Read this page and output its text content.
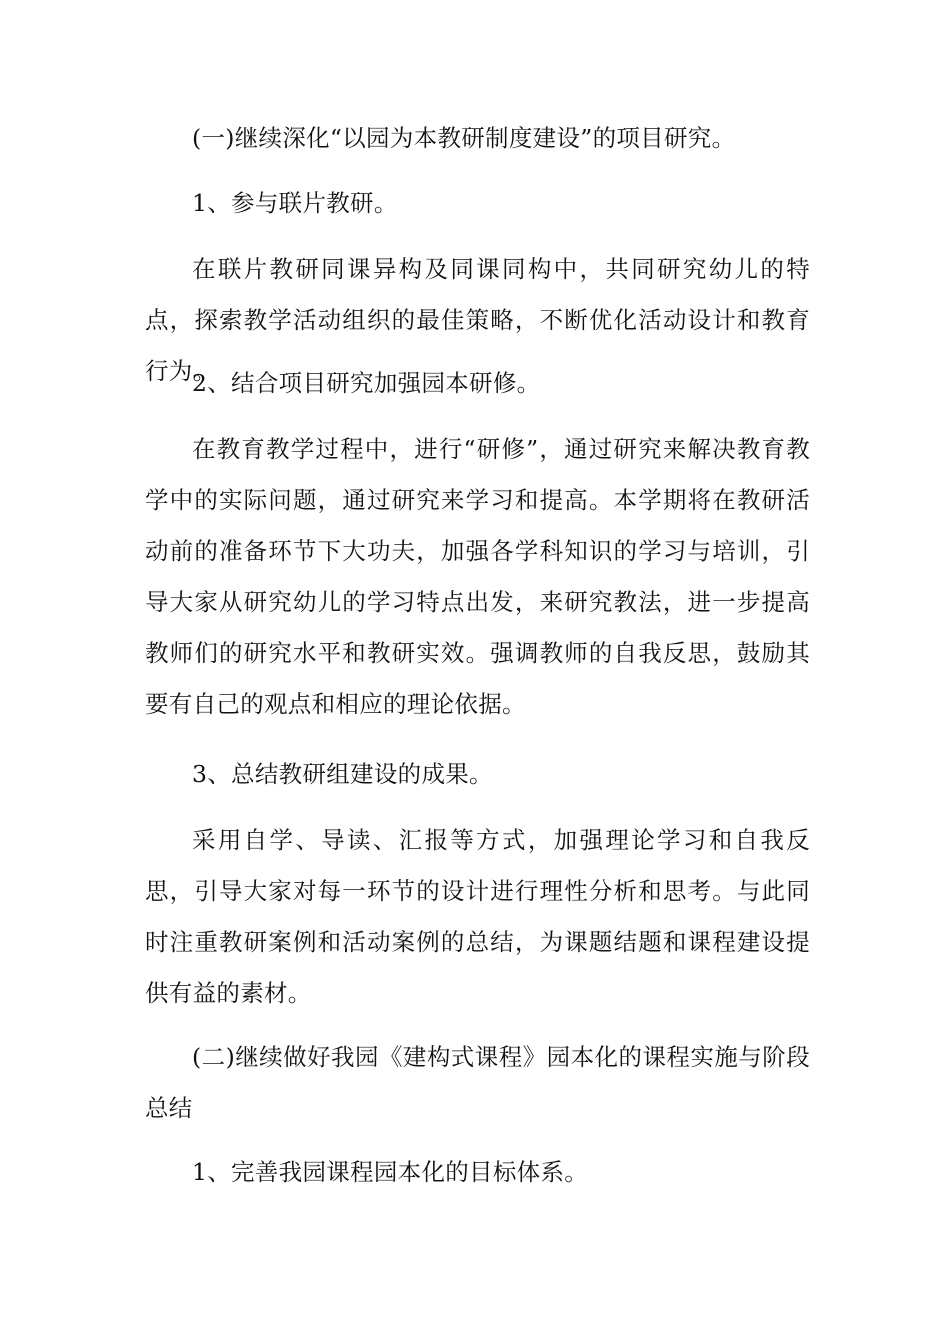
(一)继续深化“以园为本教研制度建设”的项目研究。

1、参与联片教研。

在联片教研同课异构及同课同构中，共同研究幼儿的特点，探索教学活动组织的最佳策略，不断优化活动设计和教育行为。

2、结合项目研究加强园本研修。

在教育教学过程中，进行“研修”，通过研究来解决教育教学中的实际问题，通过研究来学习和提高。本学期将在教研活动前的准备环节下大功夫，加强各学科知识的学习与培训，引导大家从研究幼儿的学习特点出发，来研究教法，进一步提高教师们的研究水平和教研实效。强调教师的自我反思，鼓励其要有自己的观点和相应的理论依据。

3、总结教研组建设的成果。

采用自学、导读、汇报等方式，加强理论学习和自我反思，引导大家对每一环节的设计进行理性分析和思考。与此同时注重教研案例和活动案例的总结，为课题结题和课程建设提供有益的素材。

(二)继续做好我园《建构式课程》园本化的课程实施与阶段总结

1、完善我园课程园本化的目标体系。
